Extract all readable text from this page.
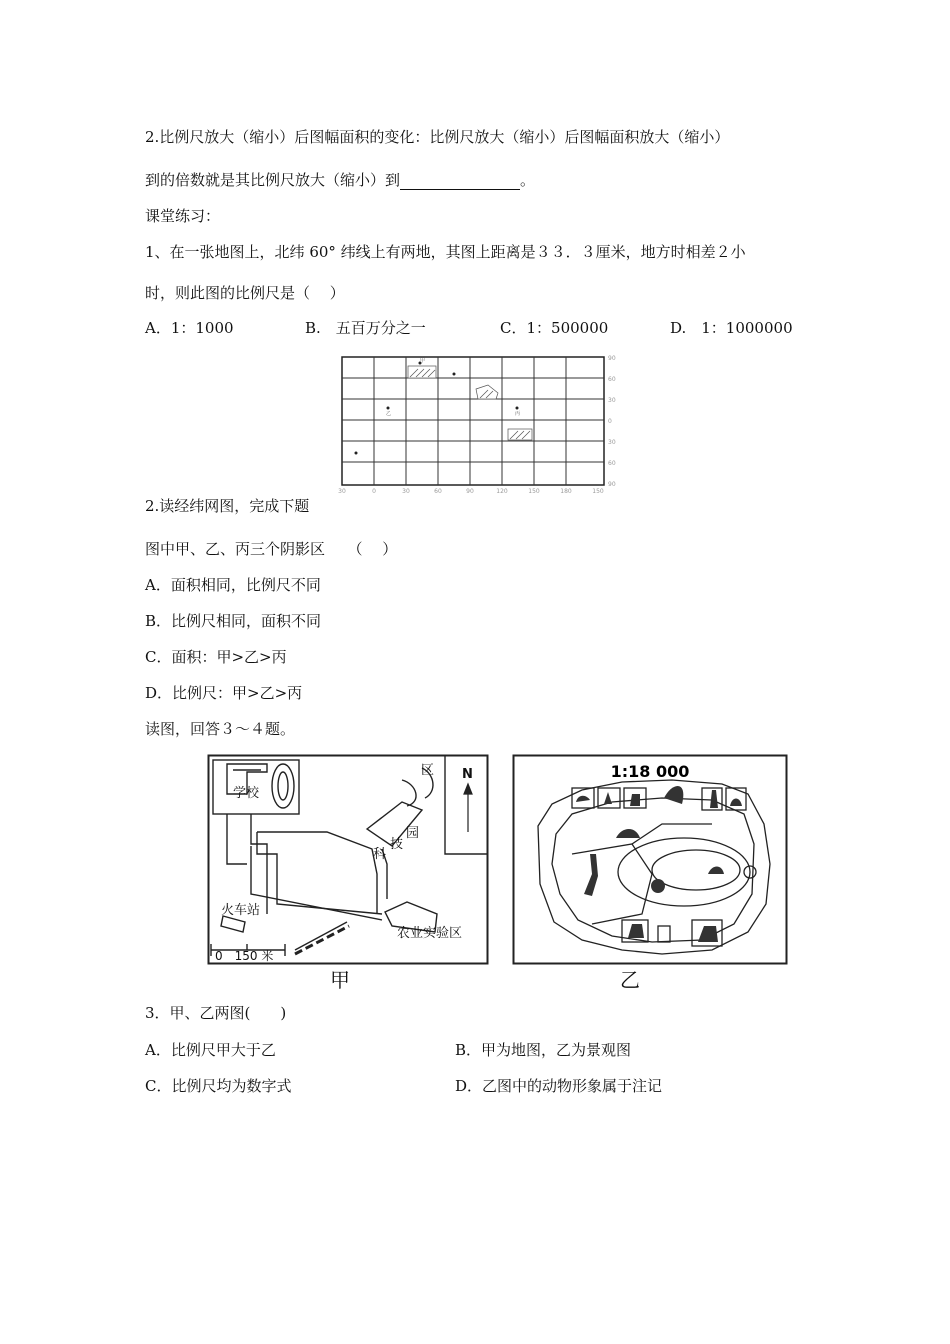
2.比例尺放大（缩小）后图幅面积的变化：比例尺放大（缩小）后图幅面积放大（缩小）
到的倍数就是其比例尺放大（缩小）到	。
课堂练习：
1、在一张地图上，北纬 60° 纬线上有两地，其图上距离是３３．３厘米，地方时相差２小
时，则此图的比例尺是（　 ）
A．1：1000	B.　五百万分之一	C．1：500000	D.　1：1000000
甲
乙	丙
30	0	30	60	90	120	150	180	150
90
60
30
0
30
60
90
2.读经纬网图，完成下题
图中甲、乙、丙三个阴影区　　（　 ）
A．面积相同，比例尺不同
B．比例尺相同，面积不同
C．面积：甲>乙>丙
D．比例尺：甲>乙>丙
读图，回答３～４题。
学校
科
技
园
区 N
火车站
农业实验区
0　150 米
甲
1:18 000
乙
3．甲、乙两图(　　)
A．比例尺甲大于乙	B．甲为地图，乙为景观图
C．比例尺均为数字式	D．乙图中的动物形象属于注记
